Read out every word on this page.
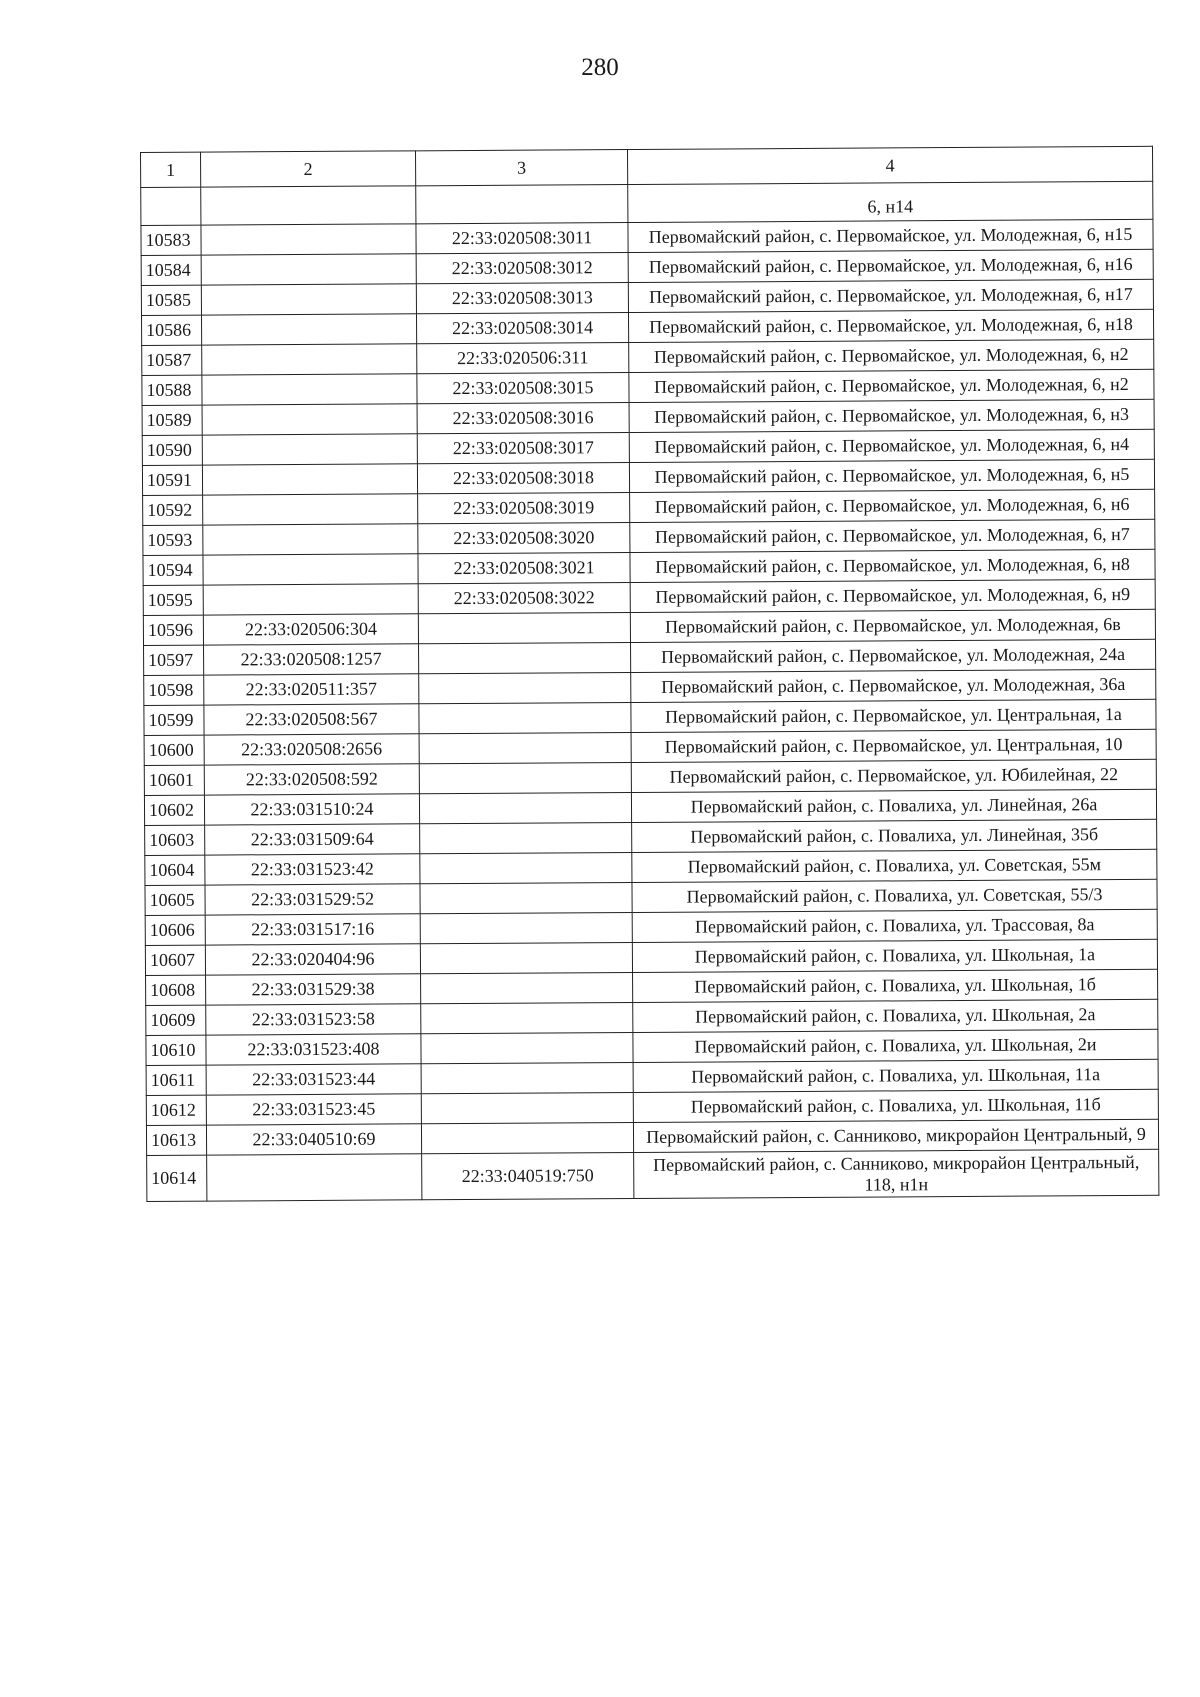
280
1	2	3	4
			6, н14
10583		22:33:020508:3011	Первомайский район, с. Первомайское, ул. Молодежная, 6, н15
10584		22:33:020508:3012	Первомайский район, с. Первомайское, ул. Молодежная, 6, н16
10585		22:33:020508:3013	Первомайский район, с. Первомайское, ул. Молодежная, 6, н17
10586		22:33:020508:3014	Первомайский район, с. Первомайское, ул. Молодежная, 6, н18
10587		22:33:020506:311	Первомайский район, с. Первомайское, ул. Молодежная, 6, н2
10588		22:33:020508:3015	Первомайский район, с. Первомайское, ул. Молодежная, 6, н2
10589		22:33:020508:3016	Первомайский район, с. Первомайское, ул. Молодежная, 6, н3
10590		22:33:020508:3017	Первомайский район, с. Первомайское, ул. Молодежная, 6, н4
10591		22:33:020508:3018	Первомайский район, с. Первомайское, ул. Молодежная, 6, н5
10592		22:33:020508:3019	Первомайский район, с. Первомайское, ул. Молодежная, 6, н6
10593		22:33:020508:3020	Первомайский район, с. Первомайское, ул. Молодежная, 6, н7
10594		22:33:020508:3021	Первомайский район, с. Первомайское, ул. Молодежная, 6, н8
10595		22:33:020508:3022	Первомайский район, с. Первомайское, ул. Молодежная, 6, н9
10596	22:33:020506:304		Первомайский район, с. Первомайское, ул. Молодежная, 6в
10597	22:33:020508:1257		Первомайский район, с. Первомайское, ул. Молодежная, 24а
10598	22:33:020511:357		Первомайский район, с. Первомайское, ул. Молодежная, 36а
10599	22:33:020508:567		Первомайский район, с. Первомайское, ул. Центральная, 1а
10600	22:33:020508:2656		Первомайский район, с. Первомайское, ул. Центральная, 10
10601	22:33:020508:592		Первомайский район, с. Первомайское, ул. Юбилейная, 22
10602	22:33:031510:24		Первомайский район, с. Повалиха, ул. Линейная, 26а
10603	22:33:031509:64		Первомайский район, с. Повалиха, ул. Линейная, 35б
10604	22:33:031523:42		Первомайский район, с. Повалиха, ул. Советская, 55м
10605	22:33:031529:52		Первомайский район, с. Повалиха, ул. Советская, 55/3
10606	22:33:031517:16		Первомайский район, с. Повалиха, ул. Трассовая, 8а
10607	22:33:020404:96		Первомайский район, с. Повалиха, ул. Школьная, 1а
10608	22:33:031529:38		Первомайский район, с. Повалиха, ул. Школьная, 1б
10609	22:33:031523:58		Первомайский район, с. Повалиха, ул. Школьная, 2а
10610	22:33:031523:408		Первомайский район, с. Повалиха, ул. Школьная, 2и
10611	22:33:031523:44		Первомайский район, с. Повалиха, ул. Школьная, 11а
10612	22:33:031523:45		Первомайский район, с. Повалиха, ул. Школьная, 11б
10613	22:33:040510:69		Первомайский район, с. Санниково, микрорайон Центральный, 9
10614		22:33:040519:750	Первомайский район, с. Санниково, микрорайон Центральный, 118, н1н
